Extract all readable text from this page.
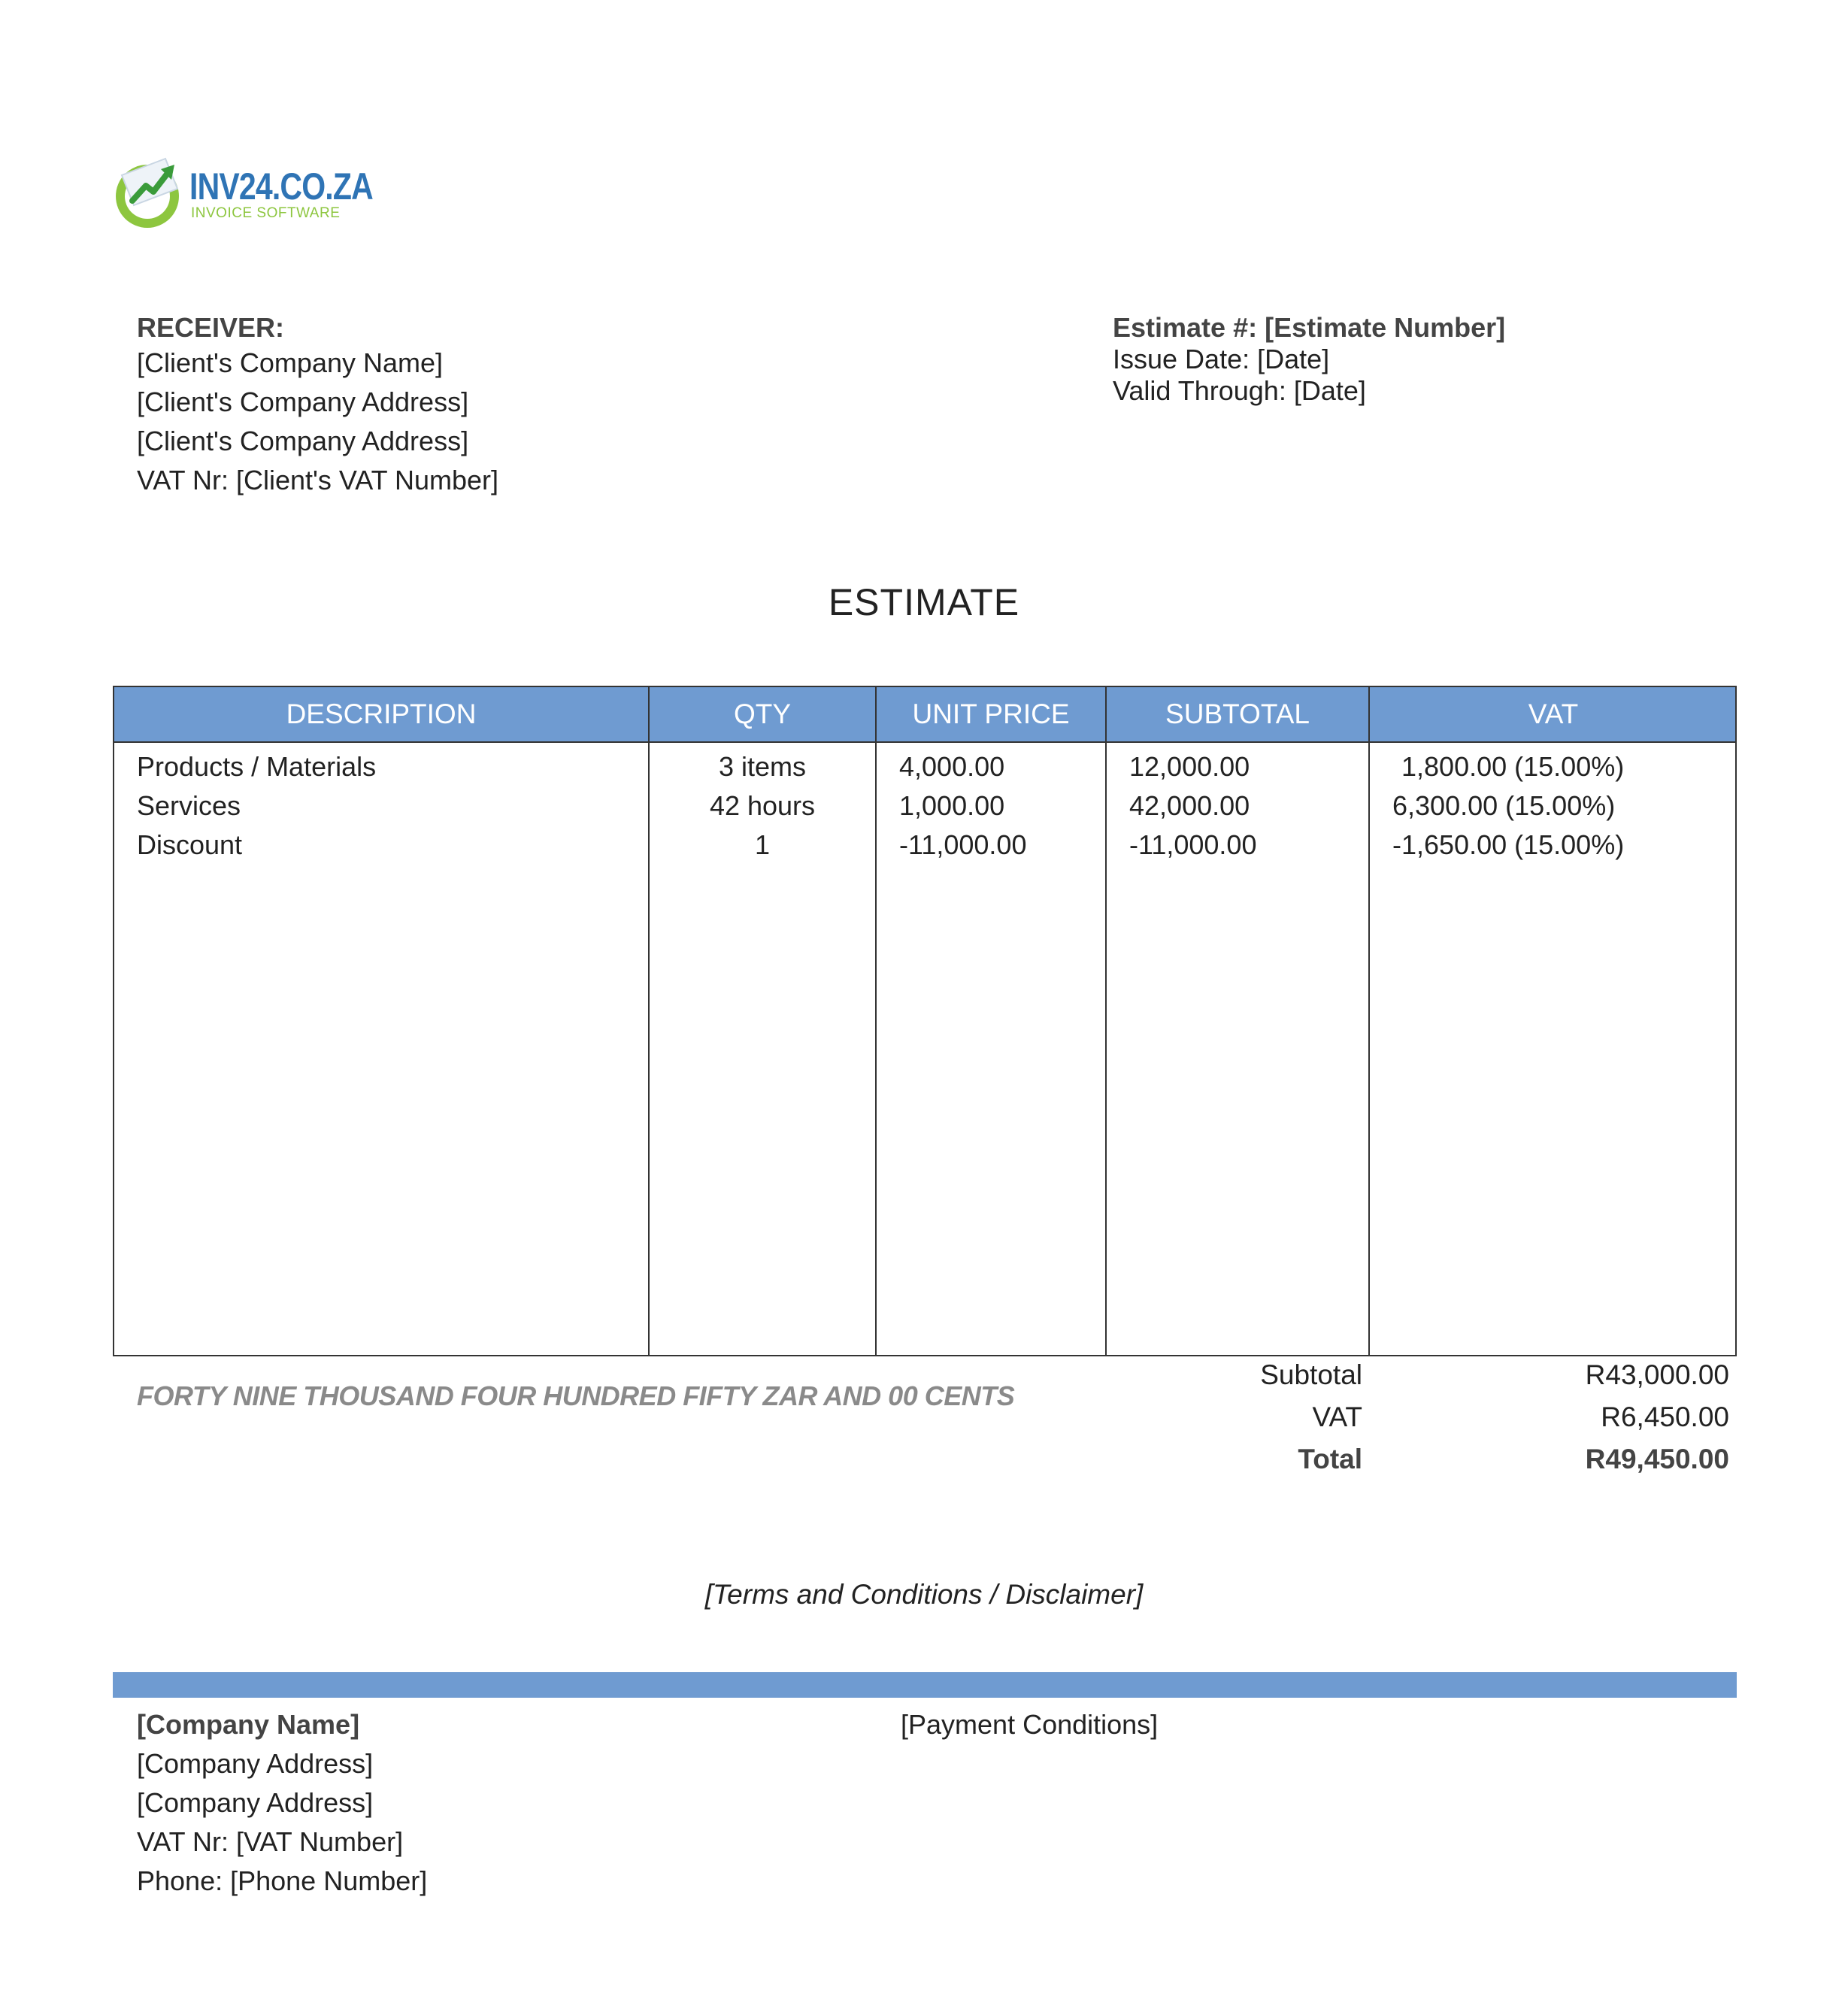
INV24.CO.ZA
INVOICE SOFTWARE
RECEIVER:
[Client's Company Name]
[Client's Company Address]
[Client's Company Address]
VAT Nr: [Client's VAT Number]
Estimate #: [Estimate Number]
Issue Date: [Date]
Valid Through: [Date]
ESTIMATE
DESCRIPTION	QTY	UNIT PRICE	SUBTOTAL	VAT
Products / Materials	3 items	4,000.00	12,000.00	1,800.00 (15.00%)
Services	42 hours	1,000.00	42,000.00	6,300.00 (15.00%)
Discount	1	-11,000.00	-11,000.00	-1,650.00 (15.00%)
FORTY NINE THOUSAND FOUR HUNDRED FIFTY ZAR AND 00 CENTS
Subtotal	R43,000.00
VAT	R6,450.00
Total	R49,450.00
[Terms and Conditions / Disclaimer]
[Company Name]
[Company Address]
[Company Address]
VAT Nr: [VAT Number]
Phone: [Phone Number]
[Payment Conditions]
